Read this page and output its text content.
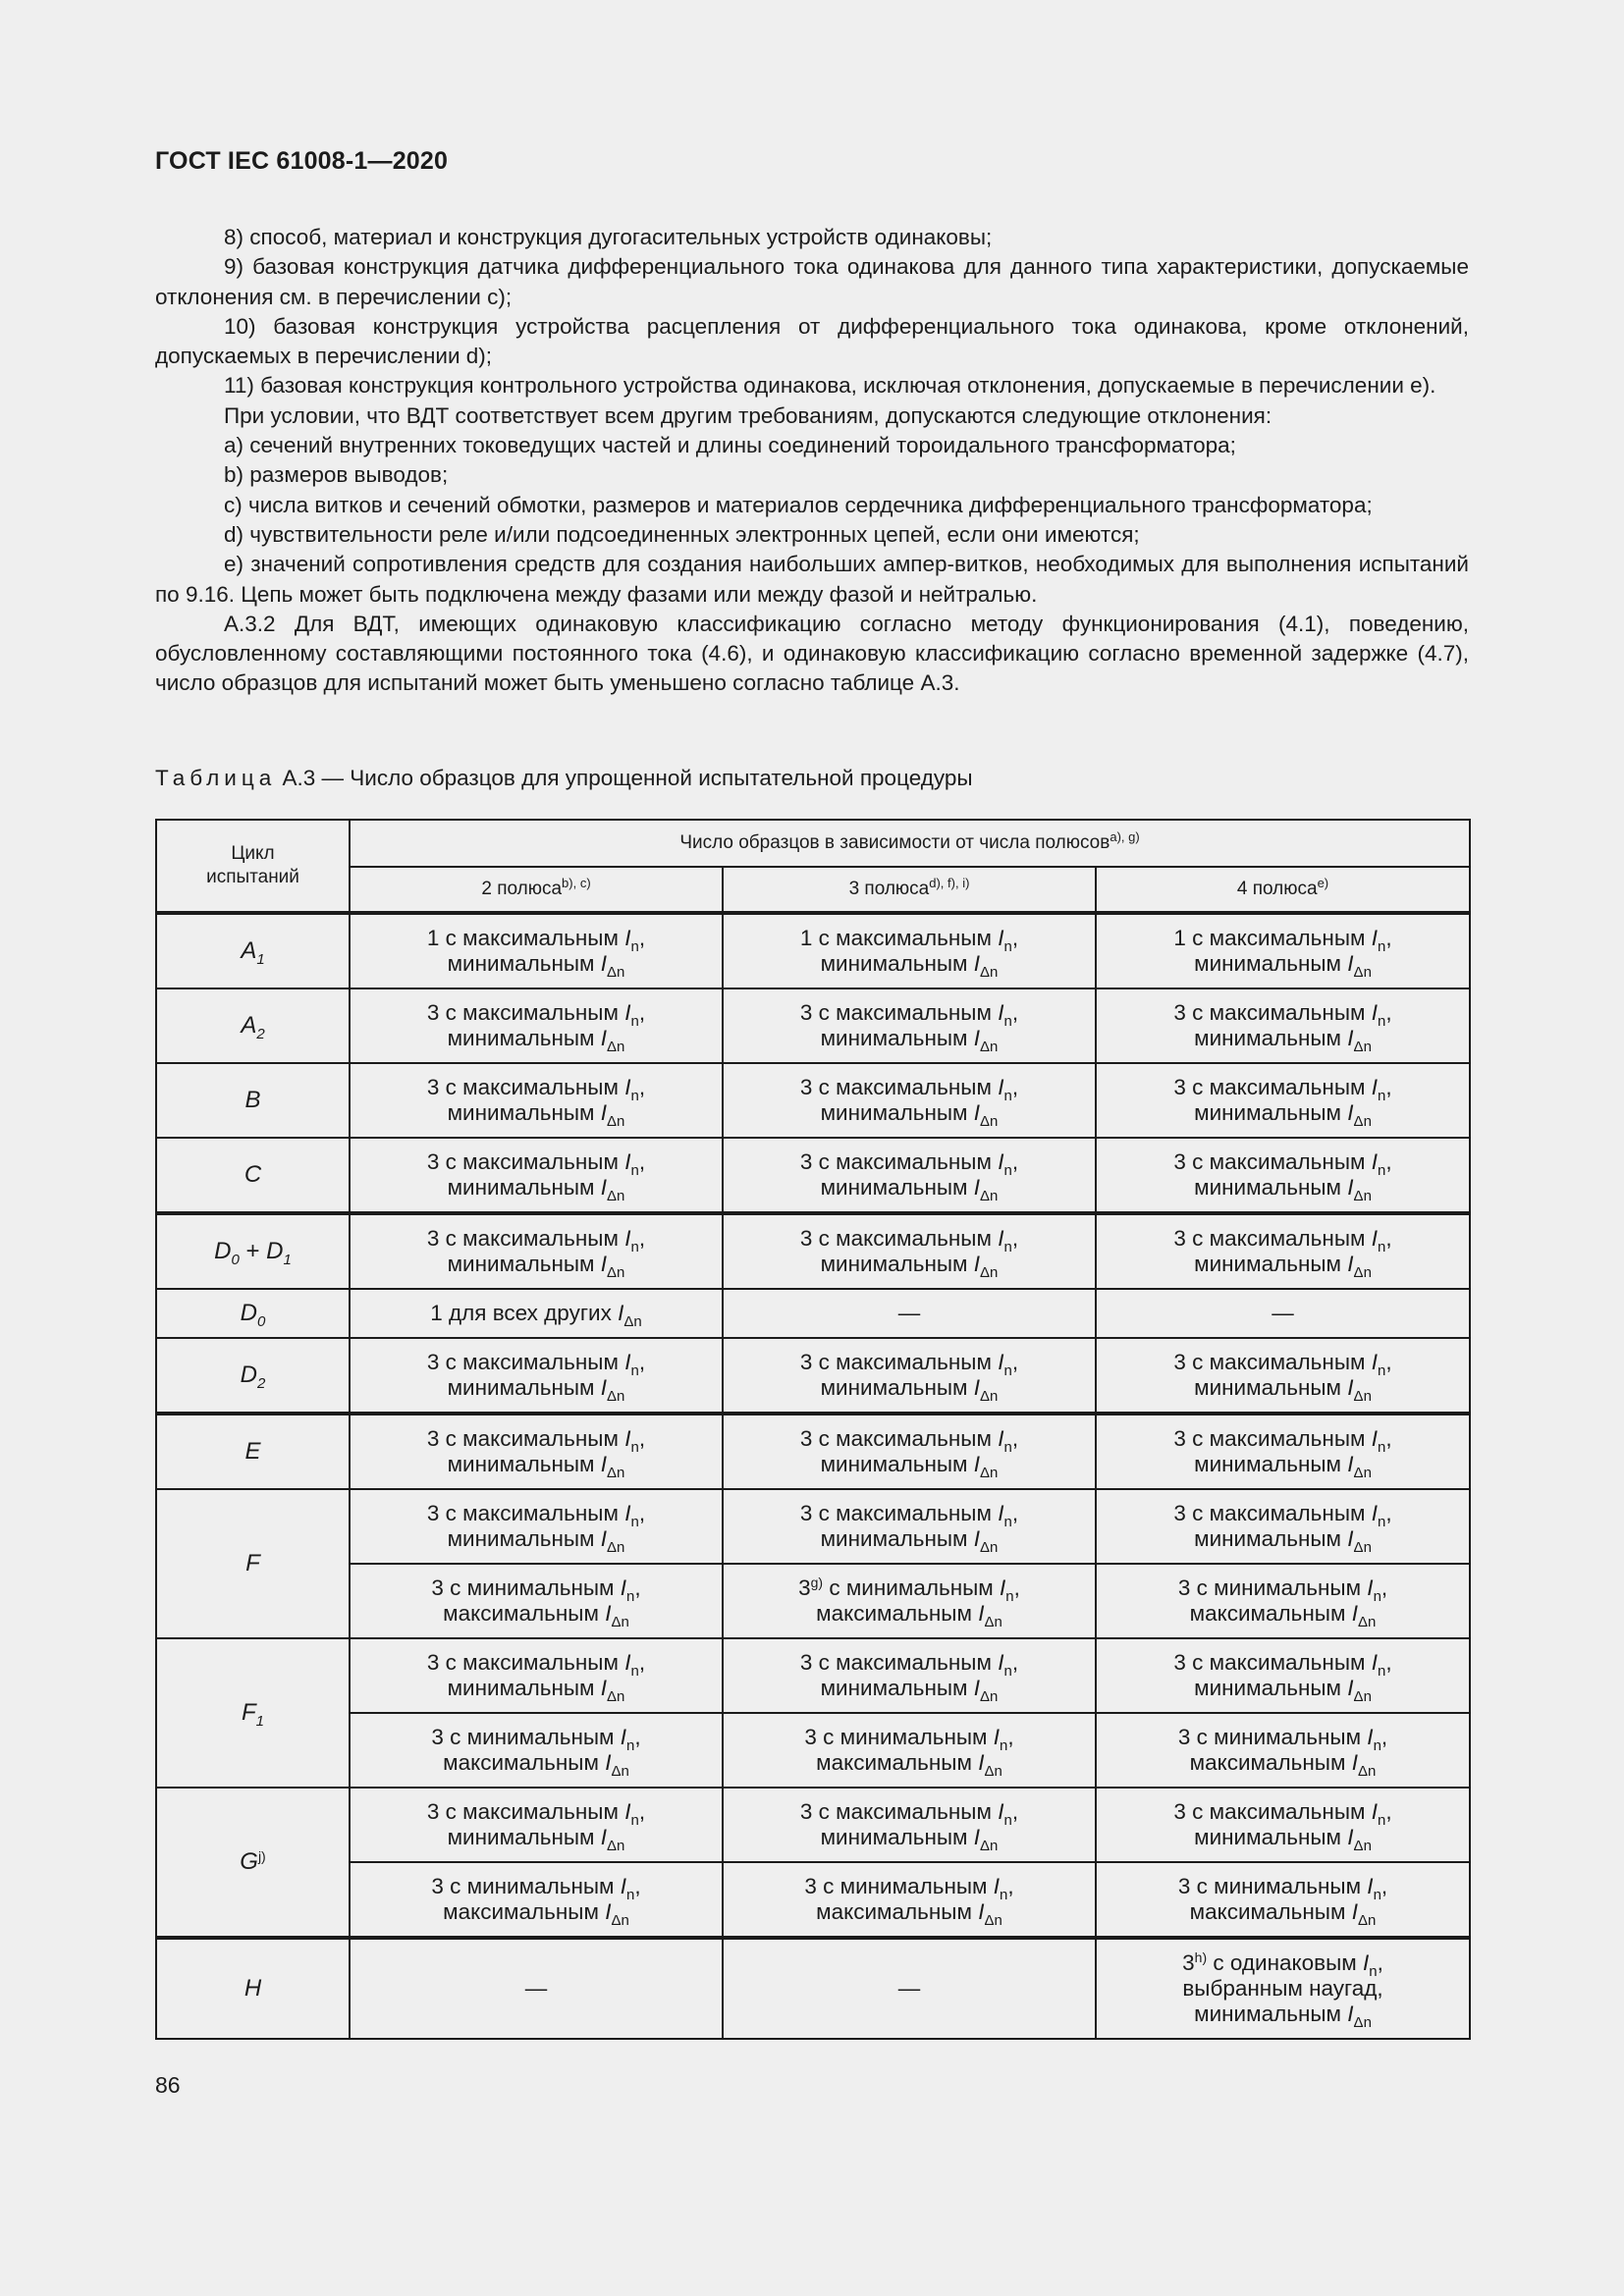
ГОСТ IEC 61008-1—2020

8) способ, материал и конструкция дугогасительных устройств одинаковы;

9) базовая конструкция датчика дифференциального тока одинакова для данного типа характеристики, допускаемые отклонения см. в перечислении с);

10) базовая конструкция устройства расцепления от дифференциального тока одинакова, кроме отклонений, допускаемых в перечислении d);

11) базовая конструкция контрольного устройства одинакова, исключая отклонения, допускаемые в перечислении е).

При условии, что ВДТ соответствует всем другим требованиям, допускаются следующие отклонения:

а) сечений внутренних токоведущих частей и длины соединений тороидального трансформатора;

b) размеров выводов;

с) числа витков и сечений обмотки, размеров и материалов сердечника дифференциального трансформатора;

d) чувствительности реле и/или подсоединенных электронных цепей, если они имеются;

е) значений сопротивления средств для создания наибольших ампер-витков, необходимых для выполнения испытаний по 9.16. Цепь может быть подключена между фазами или между фазой и нейтралью.

А.3.2 Для ВДТ, имеющих одинаковую классификацию согласно методу функционирования (4.1), поведению, обусловленному составляющими постоянного тока (4.6), и одинаковую классификацию согласно временной задержке (4.7), число образцов для испытаний может быть уменьшено согласно таблице А.3.

Таблица А.3 — Число образцов для упрощенной испытательной процедуры
Цикл испытаний	Число образцов в зависимости от числа полюсов$^{a), g)}$
	2 полюса$^{b), c)}$	3 полюса$^{d), f), i)}$	4 полюса$^{e)}$
$A_1$	1 с максимальным $I_n$,
минимальным $I_{\Delta n}$	1 с максимальным $I_n$,
минимальным $I_{\Delta n}$	1 с максимальным $I_n$,
минимальным $I_{\Delta n}$

$A_2$	3 с максимальным $I_n$,
минимальным $I_{\Delta n}$	3 с максимальным $I_n$,
минимальным $I_{\Delta n}$	3 с максимальным $I_n$,
минимальным $I_{\Delta n}$

B	3 с максимальным $I_n$,
минимальным $I_{\Delta n}$	3 с максимальным $I_n$,
минимальным $I_{\Delta n}$	3 с максимальным $I_n$,
минимальным $I_{\Delta n}$

C	3 с максимальным $I_n$,
минимальным $I_{\Delta n}$	3 с максимальным $I_n$,
минимальным $I_{\Delta n}$	3 с максимальным $I_n$,
минимальным $I_{\Delta n}$

$D_0 + D_1$	3 с максимальным $I_n$,
минимальным $I_{\Delta n}$	3 с максимальным $I_n$,
минимальным $I_{\Delta n}$	3 с максимальным $I_n$,
минимальным $I_{\Delta n}$

$D_0$	1 для всех других $I_{\Delta n}$	—	—
$D_2$	3 с максимальным $I_n$,
минимальным $I_{\Delta n}$	3 с максимальным $I_n$,
минимальным $I_{\Delta n}$	3 с максимальным $I_n$,
минимальным $I_{\Delta n}$

E	3 с максимальным $I_n$,
минимальным $I_{\Delta n}$	3 с максимальным $I_n$,
минимальным $I_{\Delta n}$	3 с максимальным $I_n$,
минимальным $I_{\Delta n}$

F	3 с максимальным $I_n$,
минимальным $I_{\Delta n}$	3 с максимальным $I_n$,
минимальным $I_{\Delta n}$	3 с максимальным $I_n$,
минимальным $I_{\Delta n}$

	3 с минимальным $I_n$,
максимальным $I_{\Delta n}$	3$^{g)}$ с минимальным $I_n$,
максимальным $I_{\Delta n}$	3 с минимальным $I_n$,
максимальным $I_{\Delta n}$

$F_1$	3 с максимальным $I_n$,
минимальным $I_{\Delta n}$	3 с максимальным $I_n$,
минимальным $I_{\Delta n}$	3 с максимальным $I_n$,
минимальным $I_{\Delta n}$

	3 с минимальным $I_n$,
максимальным $I_{\Delta n}$	3 с минимальным $I_n$,
максимальным $I_{\Delta n}$	3 с минимальным $I_n$,
максимальным $I_{\Delta n}$

$G^{j)}$	3 с максимальным $I_n$,
минимальным $I_{\Delta n}$	3 с максимальным $I_n$,
минимальным $I_{\Delta n}$	3 с максимальным $I_n$,
минимальным $I_{\Delta n}$

	3 с минимальным $I_n$,
максимальным $I_{\Delta n}$	3 с минимальным $I_n$,
максимальным $I_{\Delta n}$	3 с минимальным $I_n$,
максимальным $I_{\Delta n}$

H	—	—	3$^{h)}$ с одинаковым $I_n$,
выбранным наугад,
минимальным $I_{\Delta n}$
86
